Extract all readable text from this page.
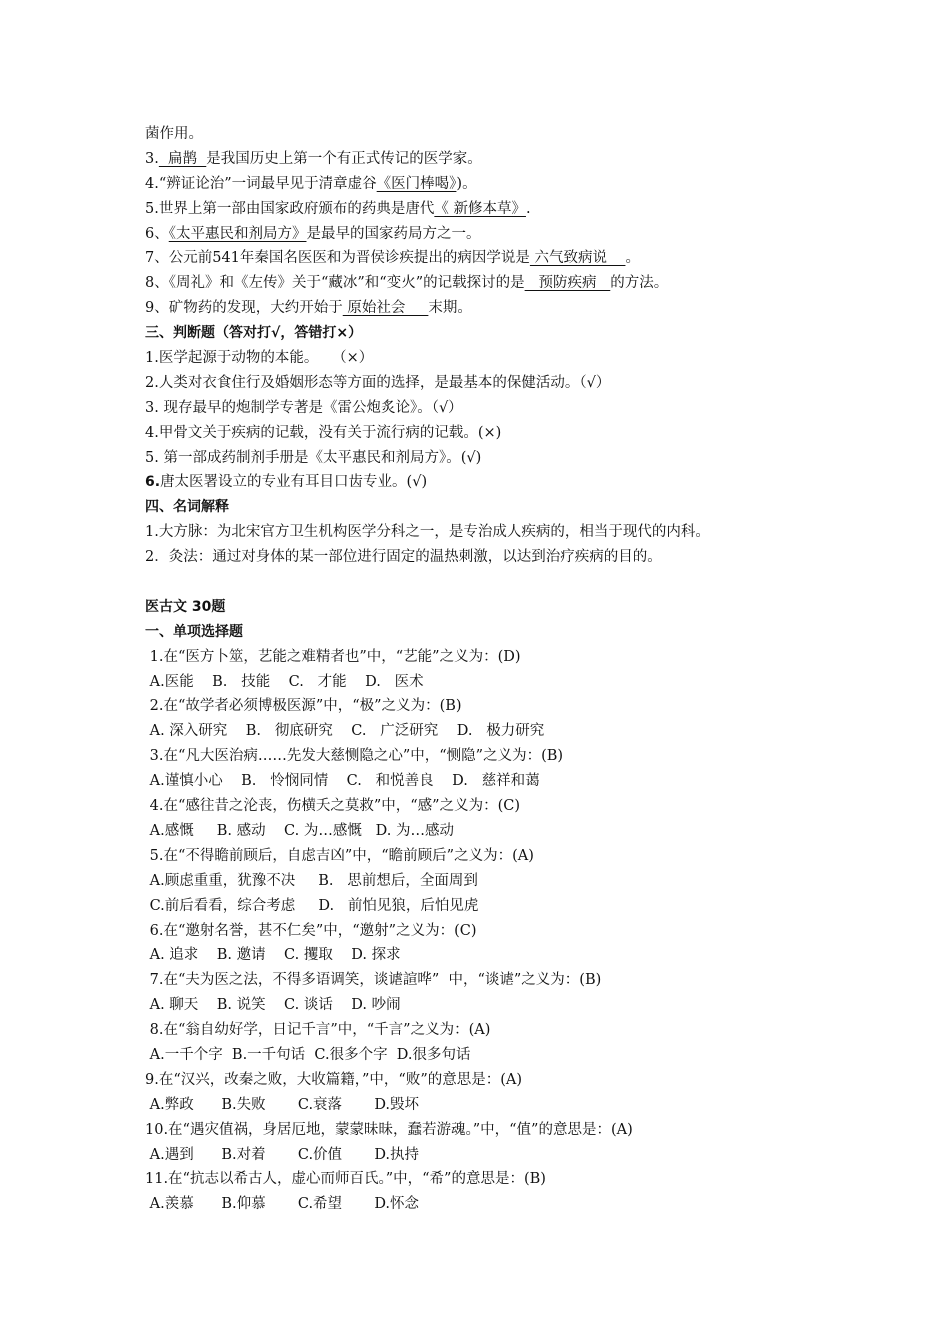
菌作用。
3.  扁鹊  是我国历史上第一个有正式传记的医学家。
4.“辨证论治”一词最早见于清章虚谷《医门棒喝》)。
5.世界上第一部由国家政府颁布的药典是唐代《 新修本草》.
6、《太平惠民和剂局方》是最早的国家药局方之一。
7、公元前541年秦国名医医和为晋侯诊疾提出的病因学说是 六气致病说    。
8、《周礼》和《左传》关于“藏冰”和“变火”的记载探讨的是   预防疾病   的方法。
9、矿物药的发现，大约开始于 原始社会     末期。
三、判断题（答对打√，答错打×）
1.医学起源于动物的本能。   （×）
2.人类对衣食住行及婚姻形态等方面的选择，是最基本的保健活动。（√）
3. 现存最早的炮制学专著是《雷公炮炙论》。（√）
4.甲骨文关于疾病的记载，没有关于流行病的记载。(×)
5. 第一部成药制剂手册是《太平惠民和剂局方》。(√)
6.唐太医署设立的专业有耳目口齿专业。(√)
四、名词解释
1.大方脉：为北宋官方卫生机构医学分科之一，是专治成人疾病的，相当于现代的内科。
2．灸法：通过对身体的某一部位进行固定的温热刺激，以达到治疗疾病的目的。
医古文 30题
一、单项选择题
1.在“医方卜筮，艺能之难精者也”中，“艺能”之义为：(D)
A.医能    B.   技能    C.   才能    D.   医术
2.在“故学者必须博极医源”中，“极”之义为：(B)
A. 深入研究    B.   彻底研究    C.   广泛研究    D.   极力研究
3.在“凡大医治病……先发大慈恻隐之心”中，“恻隐”之义为：(B)
A.谨慎小心    B.   怜悯同情    C.   和悦善良    D.   慈祥和蔼
4.在“感往昔之沦丧，伤横夭之莫救”中，“感”之义为：(C)
A.感慨     B. 感动    C. 为…感慨   D. 为…感动
5.在“不得瞻前顾后，自虑吉凶”中，“瞻前顾后”之义为：(A)
A.顾虑重重，犹豫不决     B.   思前想后，全面周到
C.前后看看，综合考虑     D.   前怕见狼，后怕见虎
6.在“邀射名誉，甚不仁矣”中，“邀射”之义为：(C)
A. 追求    B. 邀请    C. 攫取    D. 探求
7.在“夫为医之法，不得多语调笑，谈谑諠哗”  中，“谈谑”之义为：(B)
A. 聊天    B. 说笑    C. 谈话    D. 吵闹
8.在“翁自幼好学，日记千言”中，“千言”之义为：(A)
A.一千个字  B.一千句话  C.很多个字  D.很多句话
9.在“汉兴，改秦之败，大收篇籍，”中，“败”的意思是：(A)
A.弊政      B.失败       C.衰落       D.毁坏
10.在“遇灾值祸，身居厄地，蒙蒙昧昧，蠢若游魂。”中，“值”的意思是：(A)
A.遇到      B.对着       C.价值       D.执持
11.在“抗志以希古人，虚心而师百氏。”中，“希”的意思是：(B)
A.羡慕      B.仰慕       C.希望       D.怀念
